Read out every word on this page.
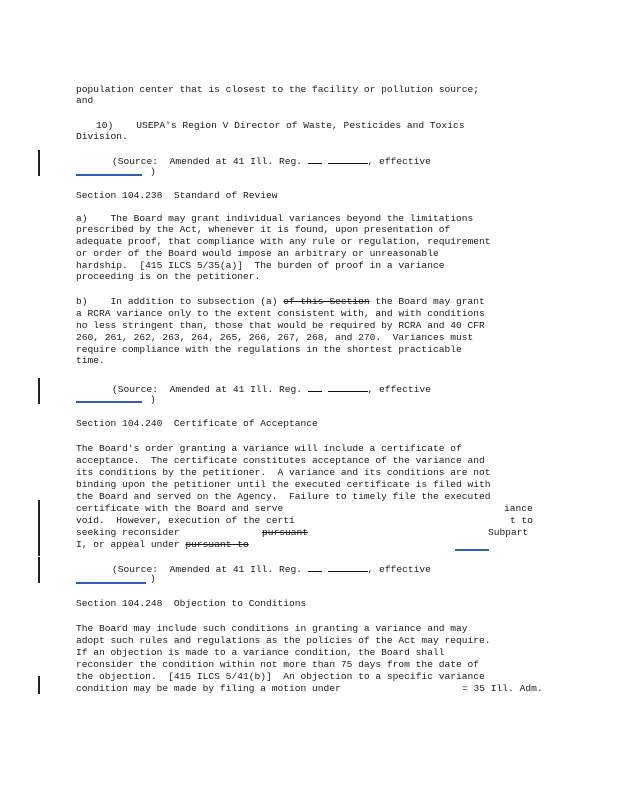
population center that is closest to the facility or pollution source;
and
10)    USEPA's Region V Director of Waste, Pesticides and Toxics
Division.
(Source:  Amended at 41 Ill. Reg.	, effective
)
Section 104.238  Standard of Review
a)    The Board may grant individual variances beyond the limitations
prescribed by the Act, whenever it is found, upon presentation of
adequate proof, that compliance with any rule or regulation, requirement
or order of the Board would impose an arbitrary or unreasonable
hardship.  [415 ILCS 5/35(a)]  The burden of proof in a variance
proceeding is on the petitioner.
b)    In addition to subsection (a) of this Section the Board may grant
a RCRA variance only to the extent consistent with, and with conditions
no less stringent than, those that would be required by RCRA and 40 CFR
260, 261, 262, 263, 264, 265, 266, 267, 268, and 270.  Variances must
require compliance with the regulations in the shortest practicable
time.
(Source:  Amended at 41 Ill. Reg.	, effective
)
Section 104.240  Certificate of Acceptance
The Board's order granting a variance will include a certificate of
acceptance.  The certificate constitutes acceptance of the variance and
its conditions by the petitioner.  A variance and its conditions are not
binding upon the petitioner until the executed certificate is filed with
the Board and served on the Agency.  Failure to timely file the executed
certificate with the Board and serve	iance
void.  However, execution of the certi	t to
seeking reconsider	pursuant	Subpart
I, or appeal under pursuant to
(Source:  Amended at 41 Ill. Reg.	, effective
)
Section 104.248  Objection to Conditions
The Board may include such conditions in granting a variance and may
adopt such rules and regulations as the policies of the Act may require.
If an objection is made to a variance condition, the Board shall
reconsider the condition within not more than 75 days from the date of
the objection.  [415 ILCS 5/41(b)]  An objection to a specific variance
condition may be made by filing a motion under	= 35 Ill. Adm.
